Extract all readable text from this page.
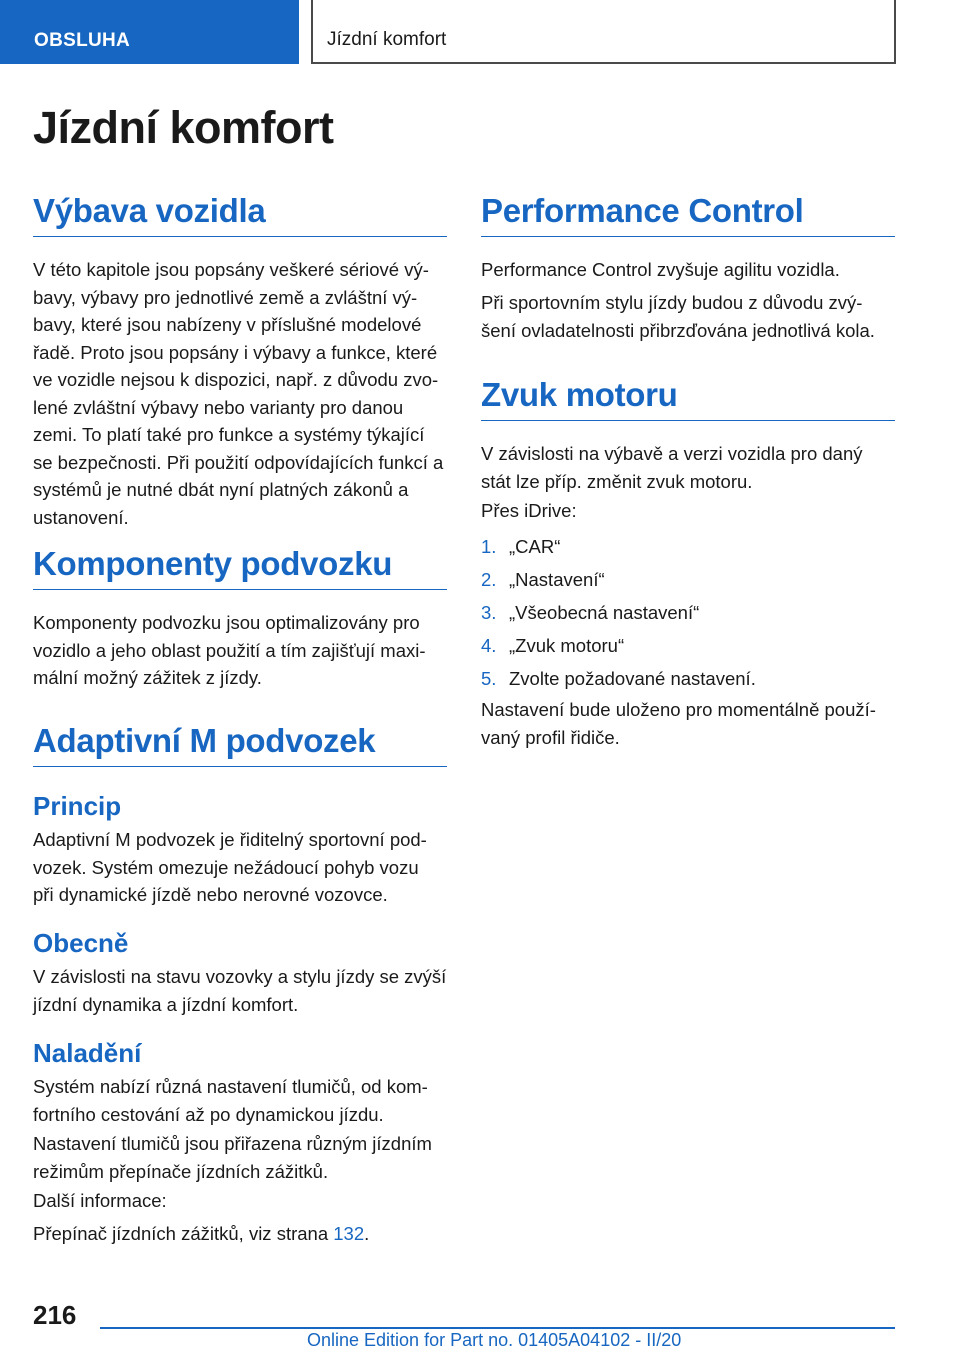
OBSLUHA	Jízdní komfort
Jízdní komfort
Výbava vozidla
V této kapitole jsou popsány veškeré sériové vý‐
bavy, výbavy pro jednotlivé země a zvláštní vý‐
bavy, které jsou nabízeny v příslušné modelové
řadě. Proto jsou popsány i výbavy a funkce, které
ve vozidle nejsou k dispozici, např. z důvodu zvo‐
lené zvláštní výbavy nebo varianty pro danou
zemi. To platí také pro funkce a systémy týkající
se bezpečnosti. Při použití odpovídajících funkcí a
systémů je nutné dbát nyní platných zákonů a
ustanovení.
Komponenty podvozku
Komponenty podvozku jsou optimalizovány pro
vozidlo a jeho oblast použití a tím zajišťují maxi‐
mální možný zážitek z jízdy.
Adaptivní M podvozek
Princip
Adaptivní M podvozek je řiditelný sportovní pod‐
vozek. Systém omezuje nežádoucí pohyb vozu
při dynamické jízdě nebo nerovné vozovce.
Obecně
V závislosti na stavu vozovky a stylu jízdy se zvýší
jízdní dynamika a jízdní komfort.
Naladění
Systém nabízí různá nastavení tlumičů, od kom‐
fortního cestování až po dynamickou jízdu.
Nastavení tlumičů jsou přiřazena různým jízdním
režimům přepínače jízdních zážitků.
Další informace:
Přepínač jízdních zážitků, viz strana 132.
Performance Control
Performance Control zvyšuje agilitu vozidla.
Při sportovním stylu jízdy budou z důvodu zvý‐
šení ovladatelnosti přibrzďována jednotlivá kola.
Zvuk motoru
V závislosti na výbavě a verzi vozidla pro daný
stát lze příp. změnit zvuk motoru.
Přes iDrive:
1. „CAR“
2. „Nastavení“
3. „Všeobecná nastavení“
4. „Zvuk motoru“
5. Zvolte požadované nastavení.
Nastavení bude uloženo pro momentálně použí‐
vaný profil řidiče.
216
Online Edition for Part no. 01405A04102 - II/20
